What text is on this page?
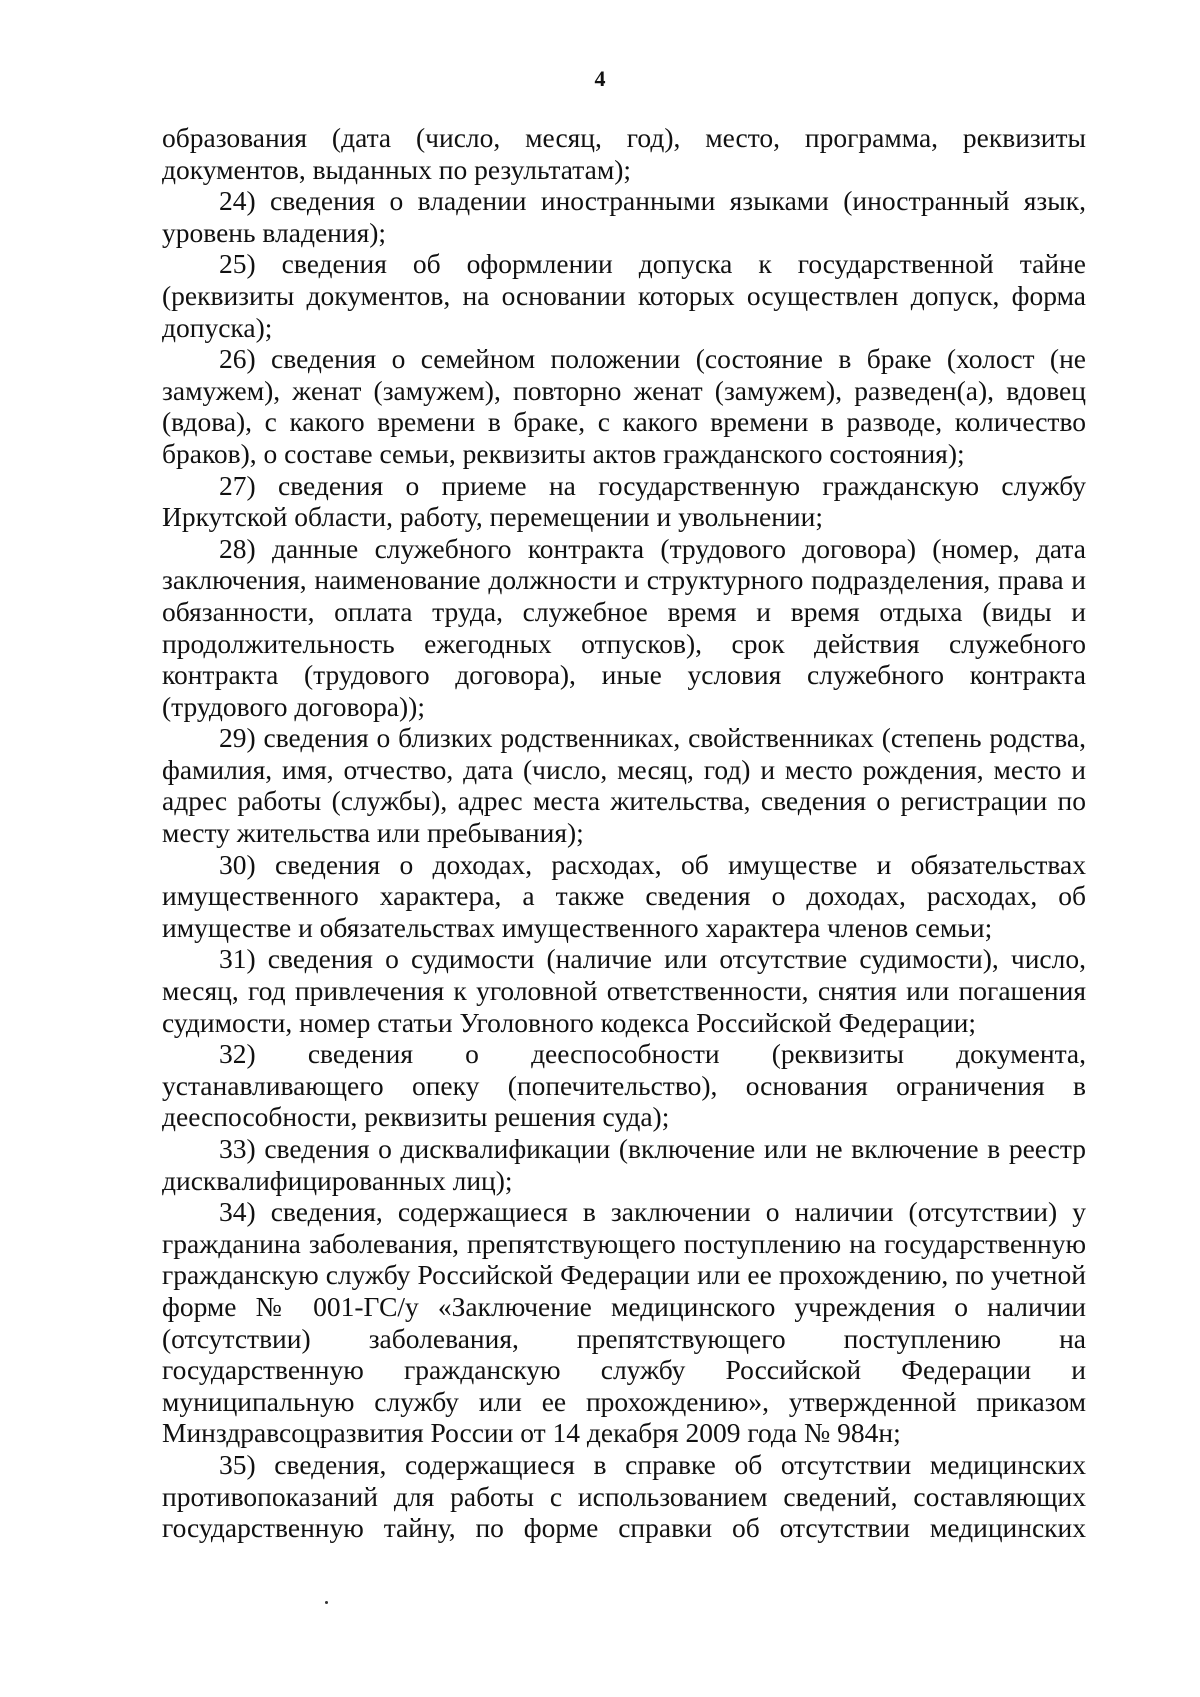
4

образования (дата (число, месяц, год), место, программа, реквизиты документов, выданных по результатам);

24) сведения о владении иностранными языками (иностранный язык, уровень владения);

25) сведения об оформлении допуска к государственной тайне (реквизиты документов, на основании которых осуществлен допуск, форма допуска);

26) сведения о семейном положении (состояние в браке (холост (не замужем), женат (замужем), повторно женат (замужем), разведен(а), вдовец (вдова), с какого времени в браке, с какого времени в разводе, количество браков), о составе семьи, реквизиты актов гражданского состояния);

27) сведения о приеме на государственную гражданскую службу Иркутской области, работу, перемещении и увольнении;

28) данные служебного контракта (трудового договора) (номер, дата заключения, наименование должности и структурного подразделения, права и обязанности, оплата труда, служебное время и время отдыха (виды и продолжительность ежегодных отпусков), срок действия служебного контракта (трудового договора), иные условия служебного контракта (трудового договора));

29) сведения о близких родственниках, свойственниках (степень родства, фамилия, имя, отчество, дата (число, месяц, год) и место рождения, место и адрес работы (службы), адрес места жительства, сведения о регистрации по месту жительства или пребывания);

30) сведения о доходах, расходах, об имуществе и обязательствах имущественного характера, а также сведения о доходах, расходах, об имуществе и обязательствах имущественного характера членов семьи;

31) сведения о судимости (наличие или отсутствие судимости), число, месяц, год привлечения к уголовной ответственности, снятия или погашения судимости, номер статьи Уголовного кодекса Российской Федерации;

32) сведения о дееспособности (реквизиты документа, устанавливающего опеку (попечительство), основания ограничения в дееспособности, реквизиты решения суда);

33) сведения о дисквалификации (включение или не включение в реестр дисквалифицированных лиц);

34) сведения, содержащиеся в заключении о наличии (отсутствии) у гражданина заболевания, препятствующего поступлению на государственную гражданскую службу Российской Федерации или ее прохождению, по учетной форме № 001-ГС/у «Заключение медицинского учреждения о наличии (отсутствии) заболевания, препятствующего поступлению на государственную гражданскую службу Российской Федерации и муниципальную службу или ее прохождению», утвержденной приказом Минздравсоцразвития России от 14 декабря 2009 года № 984н;

35) сведения, содержащиеся в справке об отсутствии медицинских противопоказаний для работы с использованием сведений, составляющих государственную тайну, по форме справки об отсутствии медицинских
